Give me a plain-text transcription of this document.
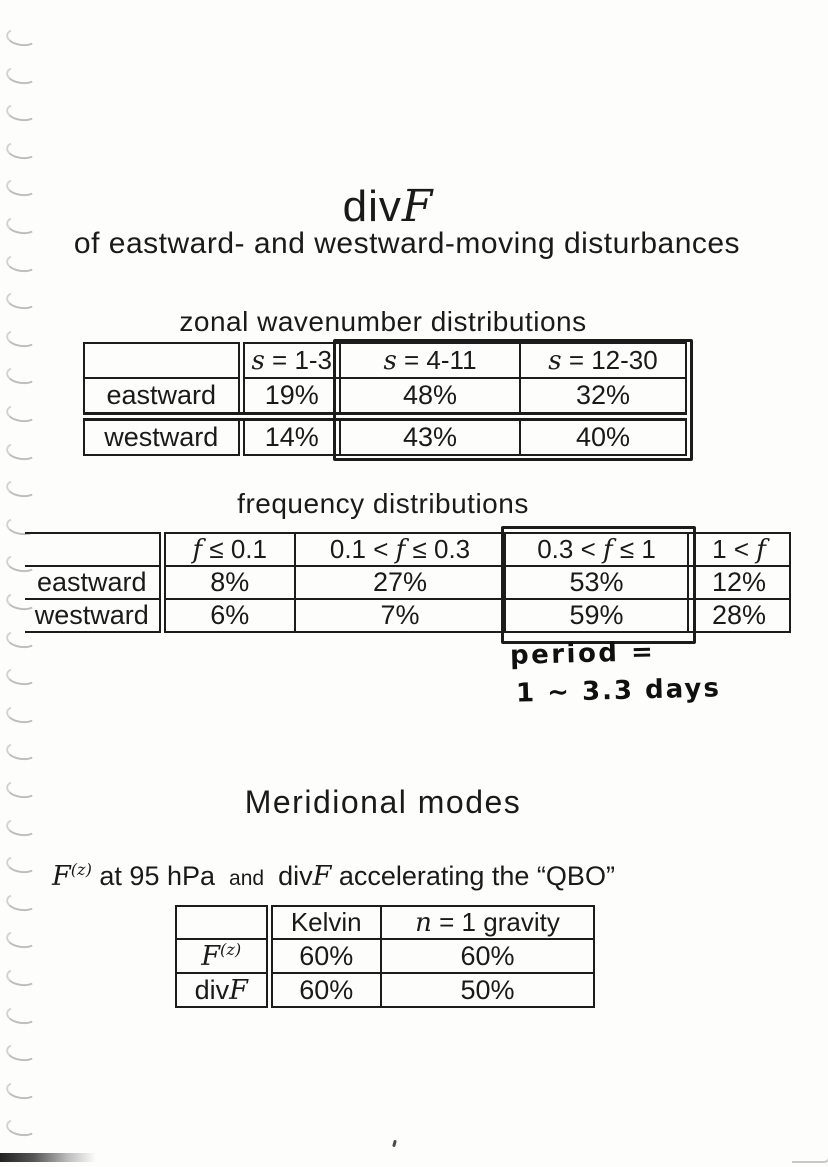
divF
of eastward- and westward-moving disturbances
zonal wavenumber distributions
	s = 1-3	s = 4-11	s = 12-30
eastward	19%	48%	32%
westward	14%	43%	40%
frequency distributions
	f ≤ 0.1	0.1 < f ≤ 0.3	0.3 < f ≤ 1	1 < f
eastward	8%	27%	53%	12%
westward	6%	7%	59%	28%
period =
1 ~ 3.3 days
Meridional modes
$F^{(z)}$ at 95 hPa and divF accelerating the “QBO”
	Kelvin	n = 1 gravity
$F^{(z)}$	60%	60%
divF	60%	50%
